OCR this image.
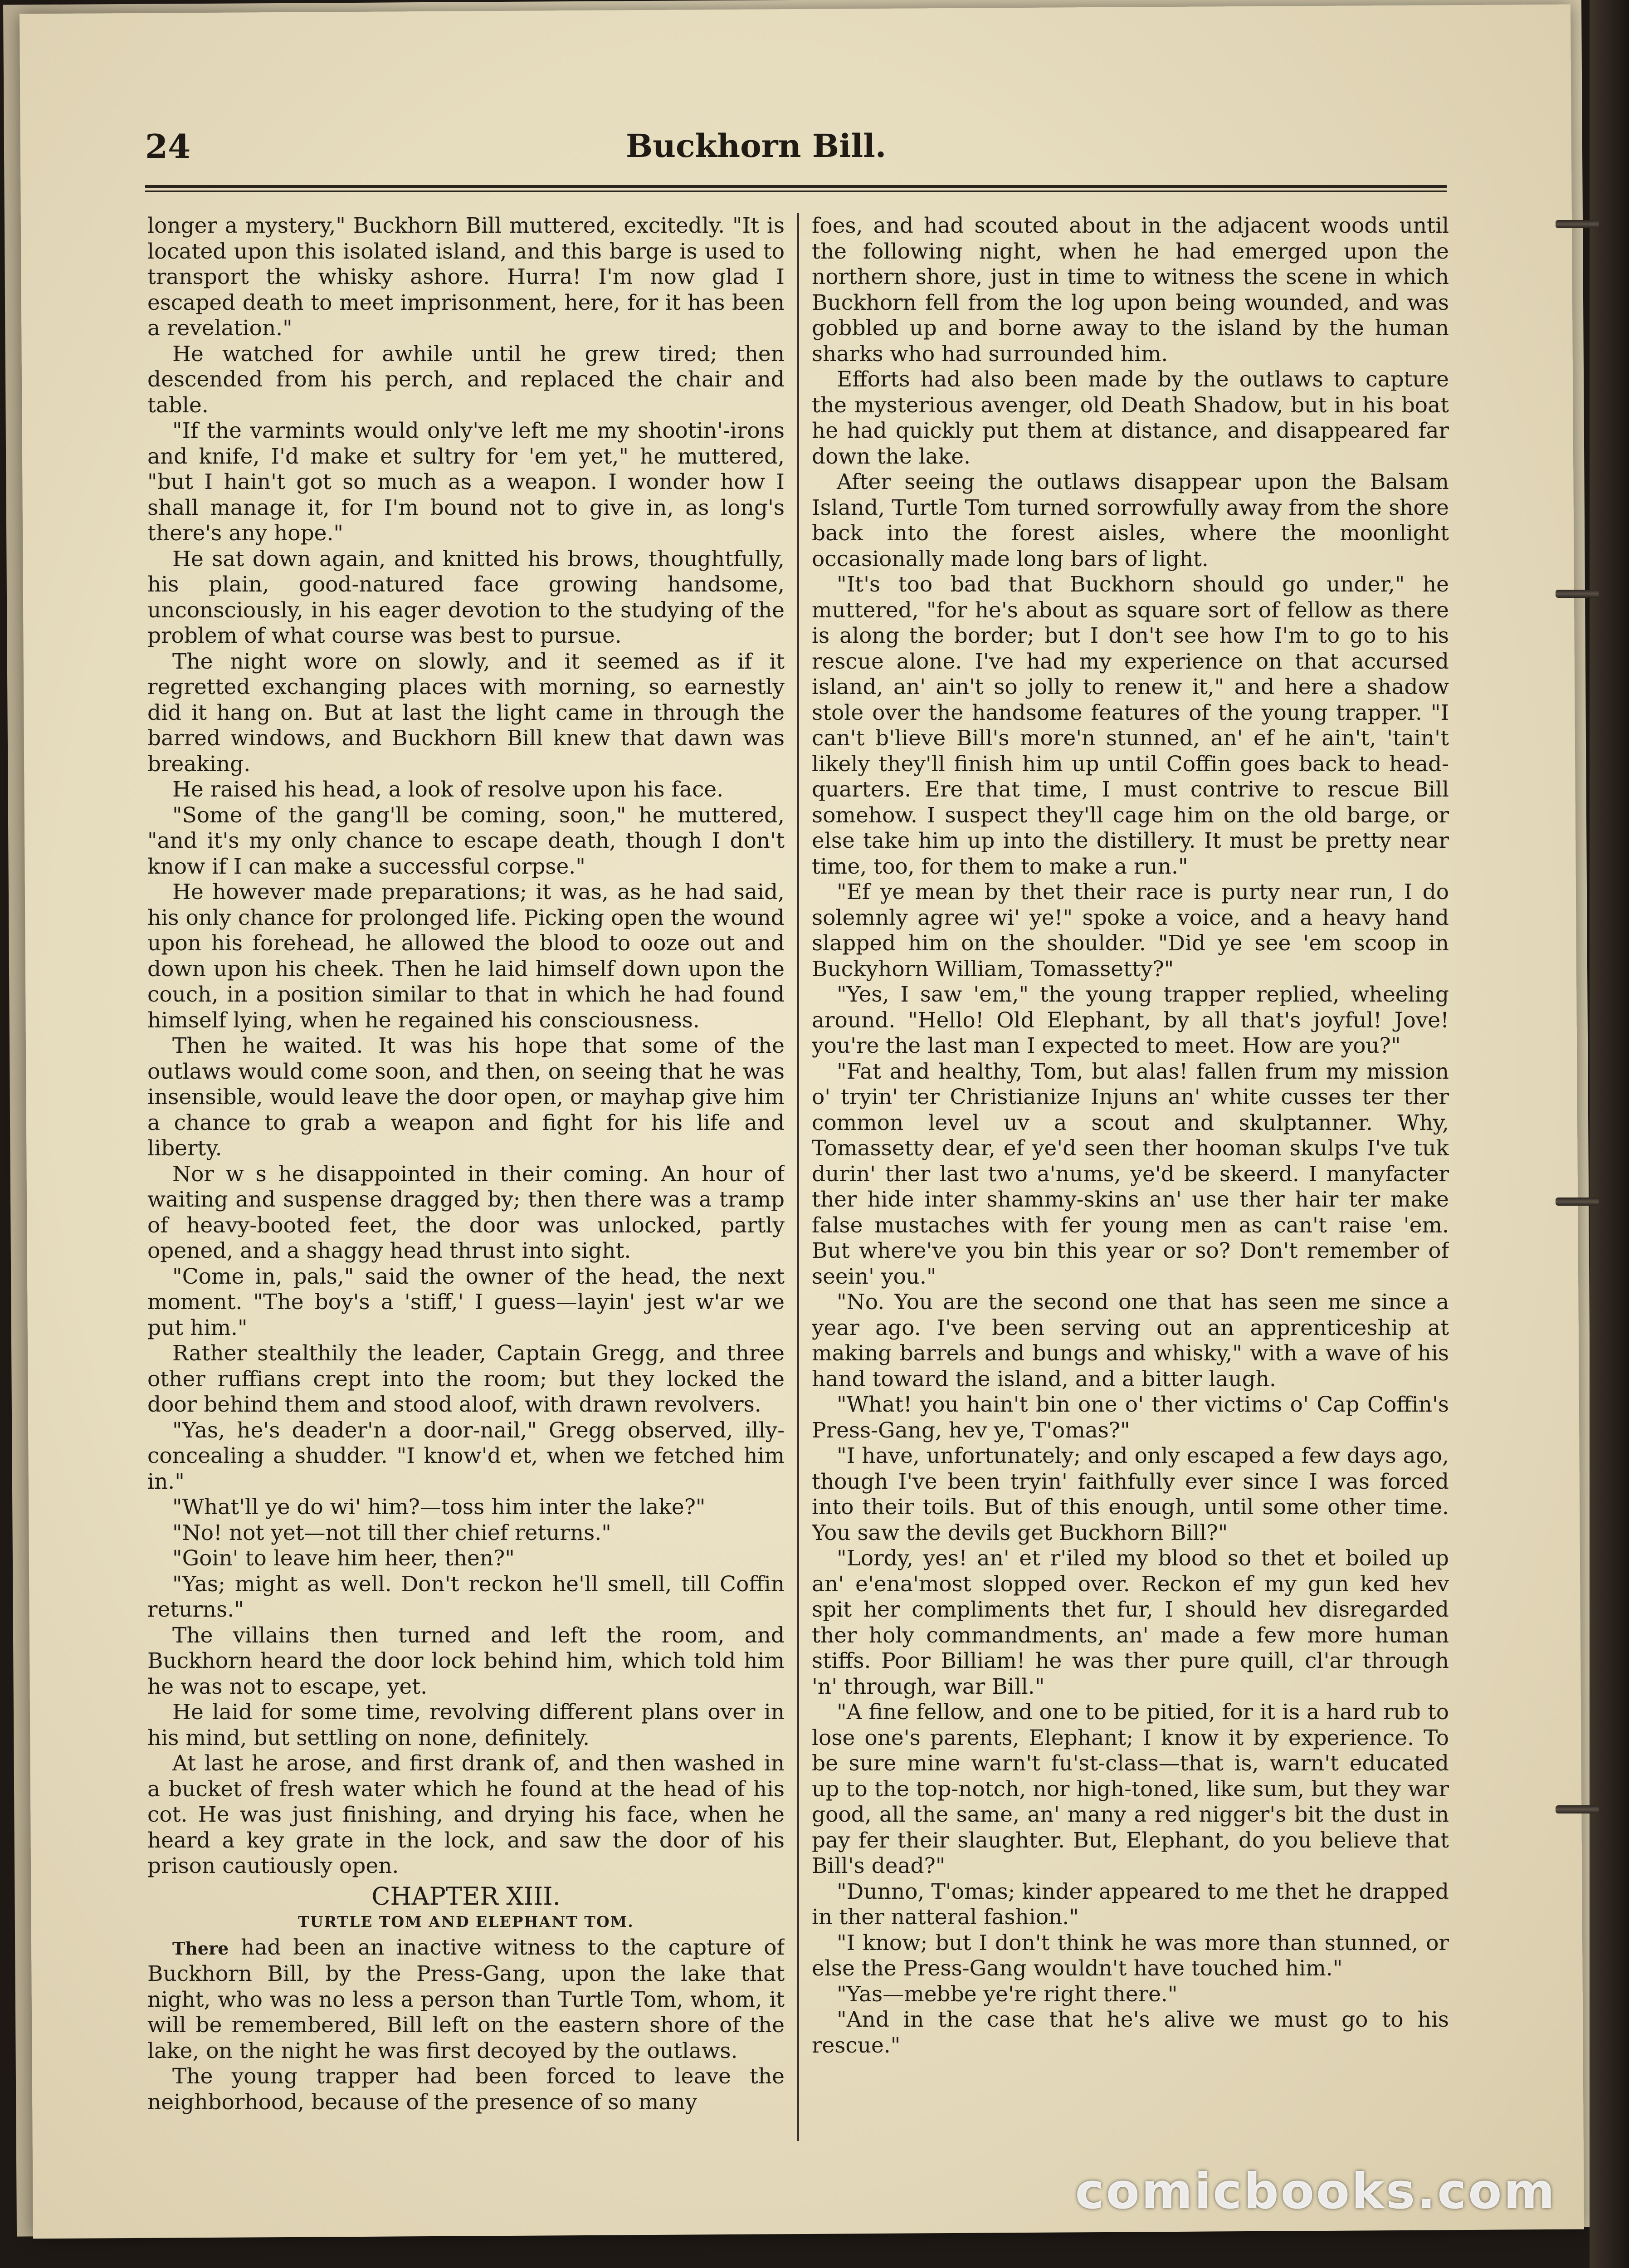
24	Buckhorn Bill.

longer a mystery," Buckhorn Bill muttered, excitedly. "It is located upon this isolated island, and this barge is used to transport the whisky ashore. Hurra! I'm now glad I escaped death to meet imprisonment, here, for it has been a revelation."

He watched for awhile until he grew tired; then descended from his perch, and replaced the chair and table.

"If the varmints would only've left me my shootin'-irons and knife, I'd make et sultry for 'em yet," he muttered, "but I hain't got so much as a weapon. I wonder how I shall manage it, for I'm bound not to give in, as long's there's any hope."

He sat down again, and knitted his brows, thoughtfully, his plain, good-natured face growing handsome, unconsciously, in his eager devotion to the studying of the problem of what course was best to pursue.

The night wore on slowly, and it seemed as if it regretted exchanging places with morning, so earnestly did it hang on. But at last the light came in through the barred windows, and Buckhorn Bill knew that dawn was breaking.

He raised his head, a look of resolve upon his face.

"Some of the gang'll be coming, soon," he muttered, "and it's my only chance to escape death, though I don't know if I can make a successful corpse."

He however made preparations; it was, as he had said, his only chance for prolonged life. Picking open the wound upon his forehead, he allowed the blood to ooze out and down upon his cheek. Then he laid himself down upon the couch, in a position similar to that in which he had found himself lying, when he regained his consciousness.

Then he waited. It was his hope that some of the outlaws would come soon, and then, on seeing that he was insensible, would leave the door open, or mayhap give him a chance to grab a weapon and fight for his life and liberty.

Nor w s he disappointed in their coming. An hour of waiting and suspense dragged by; then there was a tramp of heavy-booted feet, the door was unlocked, partly opened, and a shaggy head thrust into sight.

"Come in, pals," said the owner of the head, the next moment. "The boy's a 'stiff,' I guess—layin' jest w'ar we put him."

Rather stealthily the leader, Captain Gregg, and three other ruffians crept into the room; but they locked the door behind them and stood aloof, with drawn revolvers.

"Yas, he's deader'n a door-nail," Gregg observed, illy-concealing a shudder. "I know'd et, when we fetched him in."

"What'll ye do wi' him?—toss him inter the lake?"

"No! not yet—not till ther chief returns."

"Goin' to leave him heer, then?"

"Yas; might as well. Don't reckon he'll smell, till Coffin returns."

The villains then turned and left the room, and Buckhorn heard the door lock behind him, which told him he was not to escape, yet.

He laid for some time, revolving different plans over in his mind, but settling on none, definitely.

At last he arose, and first drank of, and then washed in a bucket of fresh water which he found at the head of his cot. He was just finishing, and drying his face, when he heard a key grate in the lock, and saw the door of his prison cautiously open.

CHAPTER XIII.

TURTLE TOM AND ELEPHANT TOM.

There had been an inactive witness to the capture of Buckhorn Bill, by the Press-Gang, upon the lake that night, who was no less a person than Turtle Tom, whom, it will be remembered, Bill left on the eastern shore of the lake, on the night he was first decoyed by the outlaws.

The young trapper had been forced to leave the neighborhood, because of the presence of so many

foes, and had scouted about in the adjacent woods until the following night, when he had emerged upon the northern shore, just in time to witness the scene in which Buckhorn fell from the log upon being wounded, and was gobbled up and borne away to the island by the human sharks who had surrounded him.

Efforts had also been made by the outlaws to capture the mysterious avenger, old Death Shadow, but in his boat he had quickly put them at distance, and disappeared far down the lake.

After seeing the outlaws disappear upon the Balsam Island, Turtle Tom turned sorrowfully away from the shore back into the forest aisles, where the moonlight occasionally made long bars of light.

"It's too bad that Buckhorn should go under," he muttered, "for he's about as square sort of fellow as there is along the border; but I don't see how I'm to go to his rescue alone. I've had my experience on that accursed island, an' ain't so jolly to renew it," and here a shadow stole over the handsome features of the young trapper. "I can't b'lieve Bill's more'n stunned, an' ef he ain't, 'tain't likely they'll finish him up until Coffin goes back to head-quarters. Ere that time, I must contrive to rescue Bill somehow. I suspect they'll cage him on the old barge, or else take him up into the distillery. It must be pretty near time, too, for them to make a run."

"Ef ye mean by thet their race is purty near run, I do solemnly agree wi' ye!" spoke a voice, and a heavy hand slapped him on the shoulder. "Did ye see 'em scoop in Buckyhorn William, Tomassetty?"

"Yes, I saw 'em," the young trapper replied, wheeling around. "Hello! Old Elephant, by all that's joyful! Jove! you're the last man I expected to meet. How are you?"

"Fat and healthy, Tom, but alas! fallen frum my mission o' tryin' ter Christianize Injuns an' white cusses ter ther common level uv a scout and skulptanner. Why, Tomassetty dear, ef ye'd seen ther hooman skulps I've tuk durin' ther last two a'nums, ye'd be skeerd. I manyfacter ther hide inter shammy-skins an' use ther hair ter make false mustaches with fer young men as can't raise 'em. But where've you bin this year or so? Don't remember of seein' you."

"No. You are the second one that has seen me since a year ago. I've been serving out an apprenticeship at making barrels and bungs and whisky," with a wave of his hand toward the island, and a bitter laugh.

"What! you hain't bin one o' ther victims o' Cap Coffin's Press-Gang, hev ye, T'omas?"

"I have, unfortunately; and only escaped a few days ago, though I've been tryin' faithfully ever since I was forced into their toils. But of this enough, until some other time. You saw the devils get Buckhorn Bill?"

"Lordy, yes! an' et r'iled my blood so thet et boiled up an' e'ena'most slopped over. Reckon ef my gun ked hev spit her compliments thet fur, I should hev disregarded ther holy commandments, an' made a few more human stiffs. Poor Billiam! he was ther pure quill, cl'ar through 'n' through, war Bill."

"A fine fellow, and one to be pitied, for it is a hard rub to lose one's parents, Elephant; I know it by experience. To be sure mine warn't fu'st-class—that is, warn't educated up to the top-notch, nor high-toned, like sum, but they war good, all the same, an' many a red nigger's bit the dust in pay fer their slaughter. But, Elephant, do you believe that Bill's dead?"

"Dunno, T'omas; kinder appeared to me thet he drapped in ther natteral fashion."

"I know; but I don't think he was more than stunned, or else the Press-Gang wouldn't have touched him."

"Yas—mebbe ye're right there."

"And in the case that he's alive we must go to his rescue."

comicbooks.com
